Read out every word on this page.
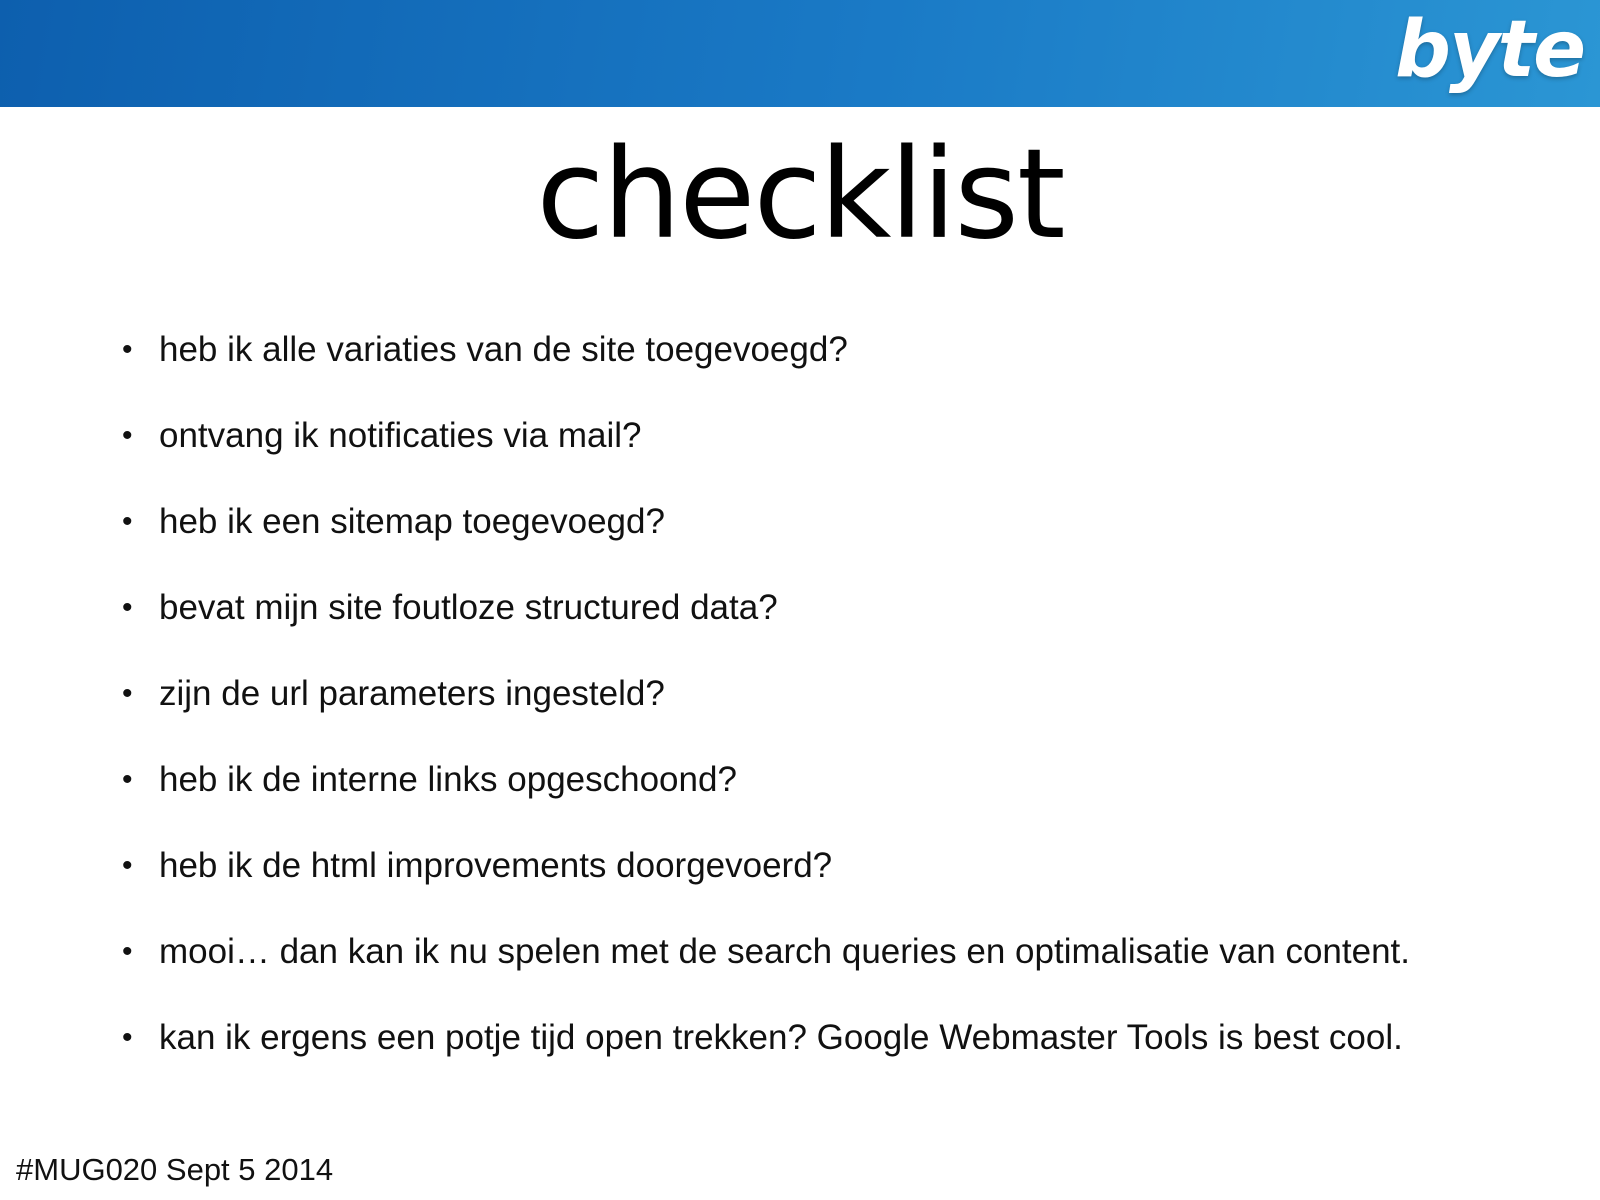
byte
checklist
• heb ik alle variaties van de site toegevoegd?
• ontvang ik notificaties via mail?
• heb ik een sitemap toegevoegd?
• bevat mijn site foutloze structured data?
• zijn de url parameters ingesteld?
• heb ik de interne links opgeschoond?
• heb ik de html improvements doorgevoerd?
• mooi… dan kan ik nu spelen met de search queries en optimalisatie van content.
• kan ik ergens een potje tijd open trekken? Google Webmaster Tools is best cool.
#MUG020 Sept 5 2014
